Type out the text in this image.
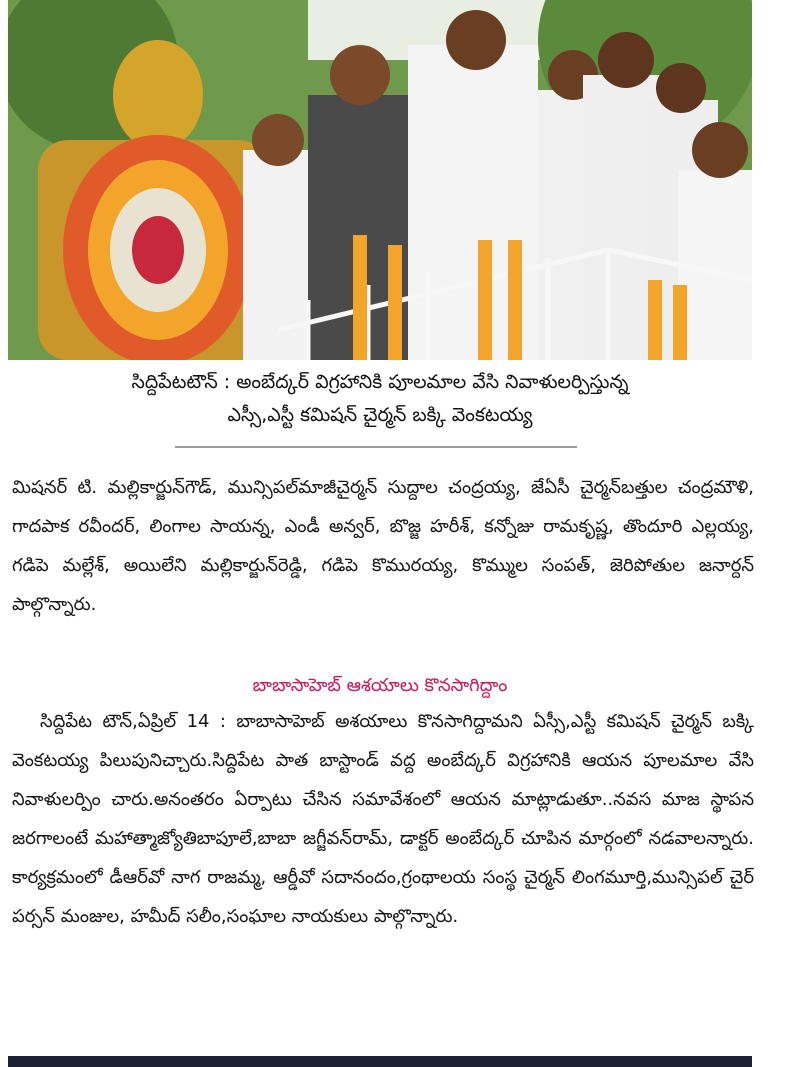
సిద్దిపేటటౌన్ : అంబేద్కర్ విగ్రహానికి పూలమాల వేసి నివాళులర్పిస్తున్న
ఎస్సీ,ఎస్టీ కమిషన్ చైర్మన్ బక్కి వెంకటయ్య

మిషనర్ టి. మల్లికార్జున్‌గౌడ్, మున్సిపల్‌మాజీచైర్మన్ సుద్దాల చంద్రయ్య, జేఏసీ చైర్మన్‌బత్తుల చంద్రమౌళి, గాదపాక రవీందర్, లింగాల సాయన్న, ఎండీ అన్వర్, బొజ్జ హరీశ్, కన్నోజు రామకృష్ణ, తొందూరి ఎల్లయ్య, గడిపె మల్లేశ్, అయిలేని మల్లికార్జున్‌రెడ్డి, గడిపె కొమురయ్య, కొమ్ముల సంపత్, జెరిపోతుల జనార్దన్ పాల్గొన్నారు.

బాబాసాహెబ్ ఆశయాలు కొనసాగిద్దాం

సిద్దిపేట టౌన్,ఏప్రిల్ 14 : బాబాసాహెబ్ అశయాలు కొనసాగిద్దామని ఏస్సీ,ఎస్టీ కమిషన్ చైర్మన్ బక్కి వెంకటయ్య పిలుపునిచ్చారు.సిద్దిపేట పాత బాస్టాండ్ వద్ద అంబేద్కర్ విగ్రహానికి ఆయన పూలమాల వేసి నివాళులర్పిం చారు.అనంతరం ఏర్పాటు చేసిన సమావేశంలో ఆయన మాట్లాడుతూ..నవస మాజ స్థాపన జరగాలంటే మహాత్మాజ్యోతిబాపూలే,బాబా జగ్జీవన్‌రామ్, డాక్టర్ అంబేద్కర్ చూపిన మార్గంలో నడవాలన్నారు. కార్యక్రమంలో డీఆర్‌వో నాగ రాజమ్మ, ఆర్డీవో సదానందం,గ్రంథాలయ సంస్థ చైర్మన్ లింగమూర్తి,మున్సిపల్ చైర్ పర్సన్ మంజుల, హమీద్ సలీం,సంఘాల నాయకులు పాల్గొన్నారు.
